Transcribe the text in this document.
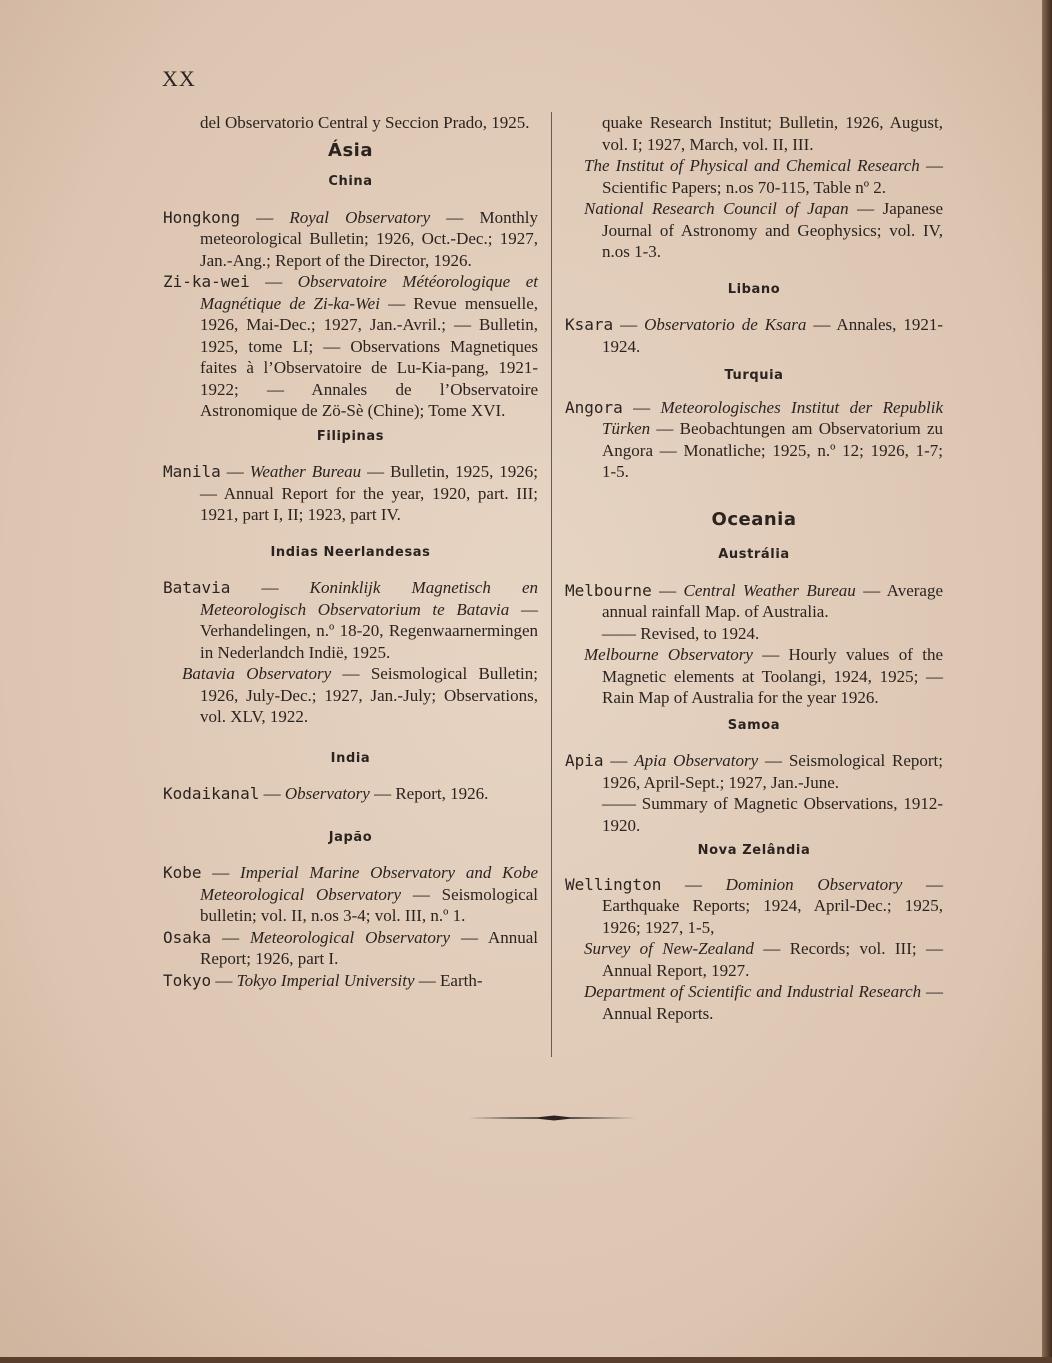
XX

del Observatorio Central y Seccion Prado, 1925.

Ásia

China

Hongkong — Royal Observatory — Monthly meteorological Bulletin; 1926, Oct.-Dec.; 1927, Jan.-Ang.; Report of the Director, 1926.

Zi-ka-wei — Observatoire Météorologique et Magnétique de Zi-ka-Wei — Revue mensuelle, 1926, Mai-Dec.; 1927, Jan.-Avril.; — Bulletin, 1925, tome LI; — Observations Magnetiques faites à l’Observatoire de Lu-Kia-pang, 1921-1922; — Annales de l’Observatoire Astronomique de Zö-Sè (Chine); Tome XVI.

Filipinas

Manila — Weather Bureau — Bulletin, 1925, 1926; — Annual Report for the year, 1920, part. III; 1921, part I, II; 1923, part IV.

Indias Neerlandesas

Batavia — Koninklijk Magnetisch en Meteorologisch Observatorium te Batavia — Verhandelingen, n.º 18-20, Regenwaarnermingen in Nederlandch Indië, 1925.

Batavia Observatory — Seismological Bulletin; 1926, July-Dec.; 1927, Jan.-July; Observations, vol. XLV, 1922.

India

Kodaikanal — Observatory — Report, 1926.

Japão

Kobe — Imperial Marine Observatory and Kobe Meteorological Observatory — Seismological bulletin; vol. II, n.os 3-4; vol. III, n.º 1.

Osaka — Meteorological Observatory — Annual Report; 1926, part I.

Tokyo — Tokyo Imperial University — Earth-

quake Research Institut; Bulletin, 1926, August, vol. I; 1927, March, vol. II, III.

The Institut of Physical and Chemical Research — Scientific Papers; n.os 70-115, Table nº 2.

National Research Council of Japan — Japanese Journal of Astronomy and Geophysics; vol. IV, n.os 1-3.

Libano

Ksara — Observatorio de Ksara — Annales, 1921-1924.

Turquia

Angora — Meteorologisches Institut der Republik Türken — Beobachtungen am Observatorium zu Angora — Monatliche; 1925, n.º 12; 1926, 1-7; 1-5.

Oceania

Austrália

Melbourne — Central Weather Bureau — Average annual rainfall Map. of Australia.

—— Revised, to 1924.

Melbourne Observatory — Hourly values of the Magnetic elements at Toolangi, 1924, 1925; — Rain Map of Australia for the year 1926.

Samoa

Apia — Apia Observatory — Seismological Report; 1926, April-Sept.; 1927, Jan.-June.

—— Summary of Magnetic Observations, 1912-1920.

Nova Zelândia

Wellington — Dominion Observatory — Earthquake Reports; 1924, April-Dec.; 1925, 1926; 1927, 1-5,

Survey of New-Zealand — Records; vol. III; — Annual Report, 1927.

Department of Scientific and Industrial Research — Annual Reports.
